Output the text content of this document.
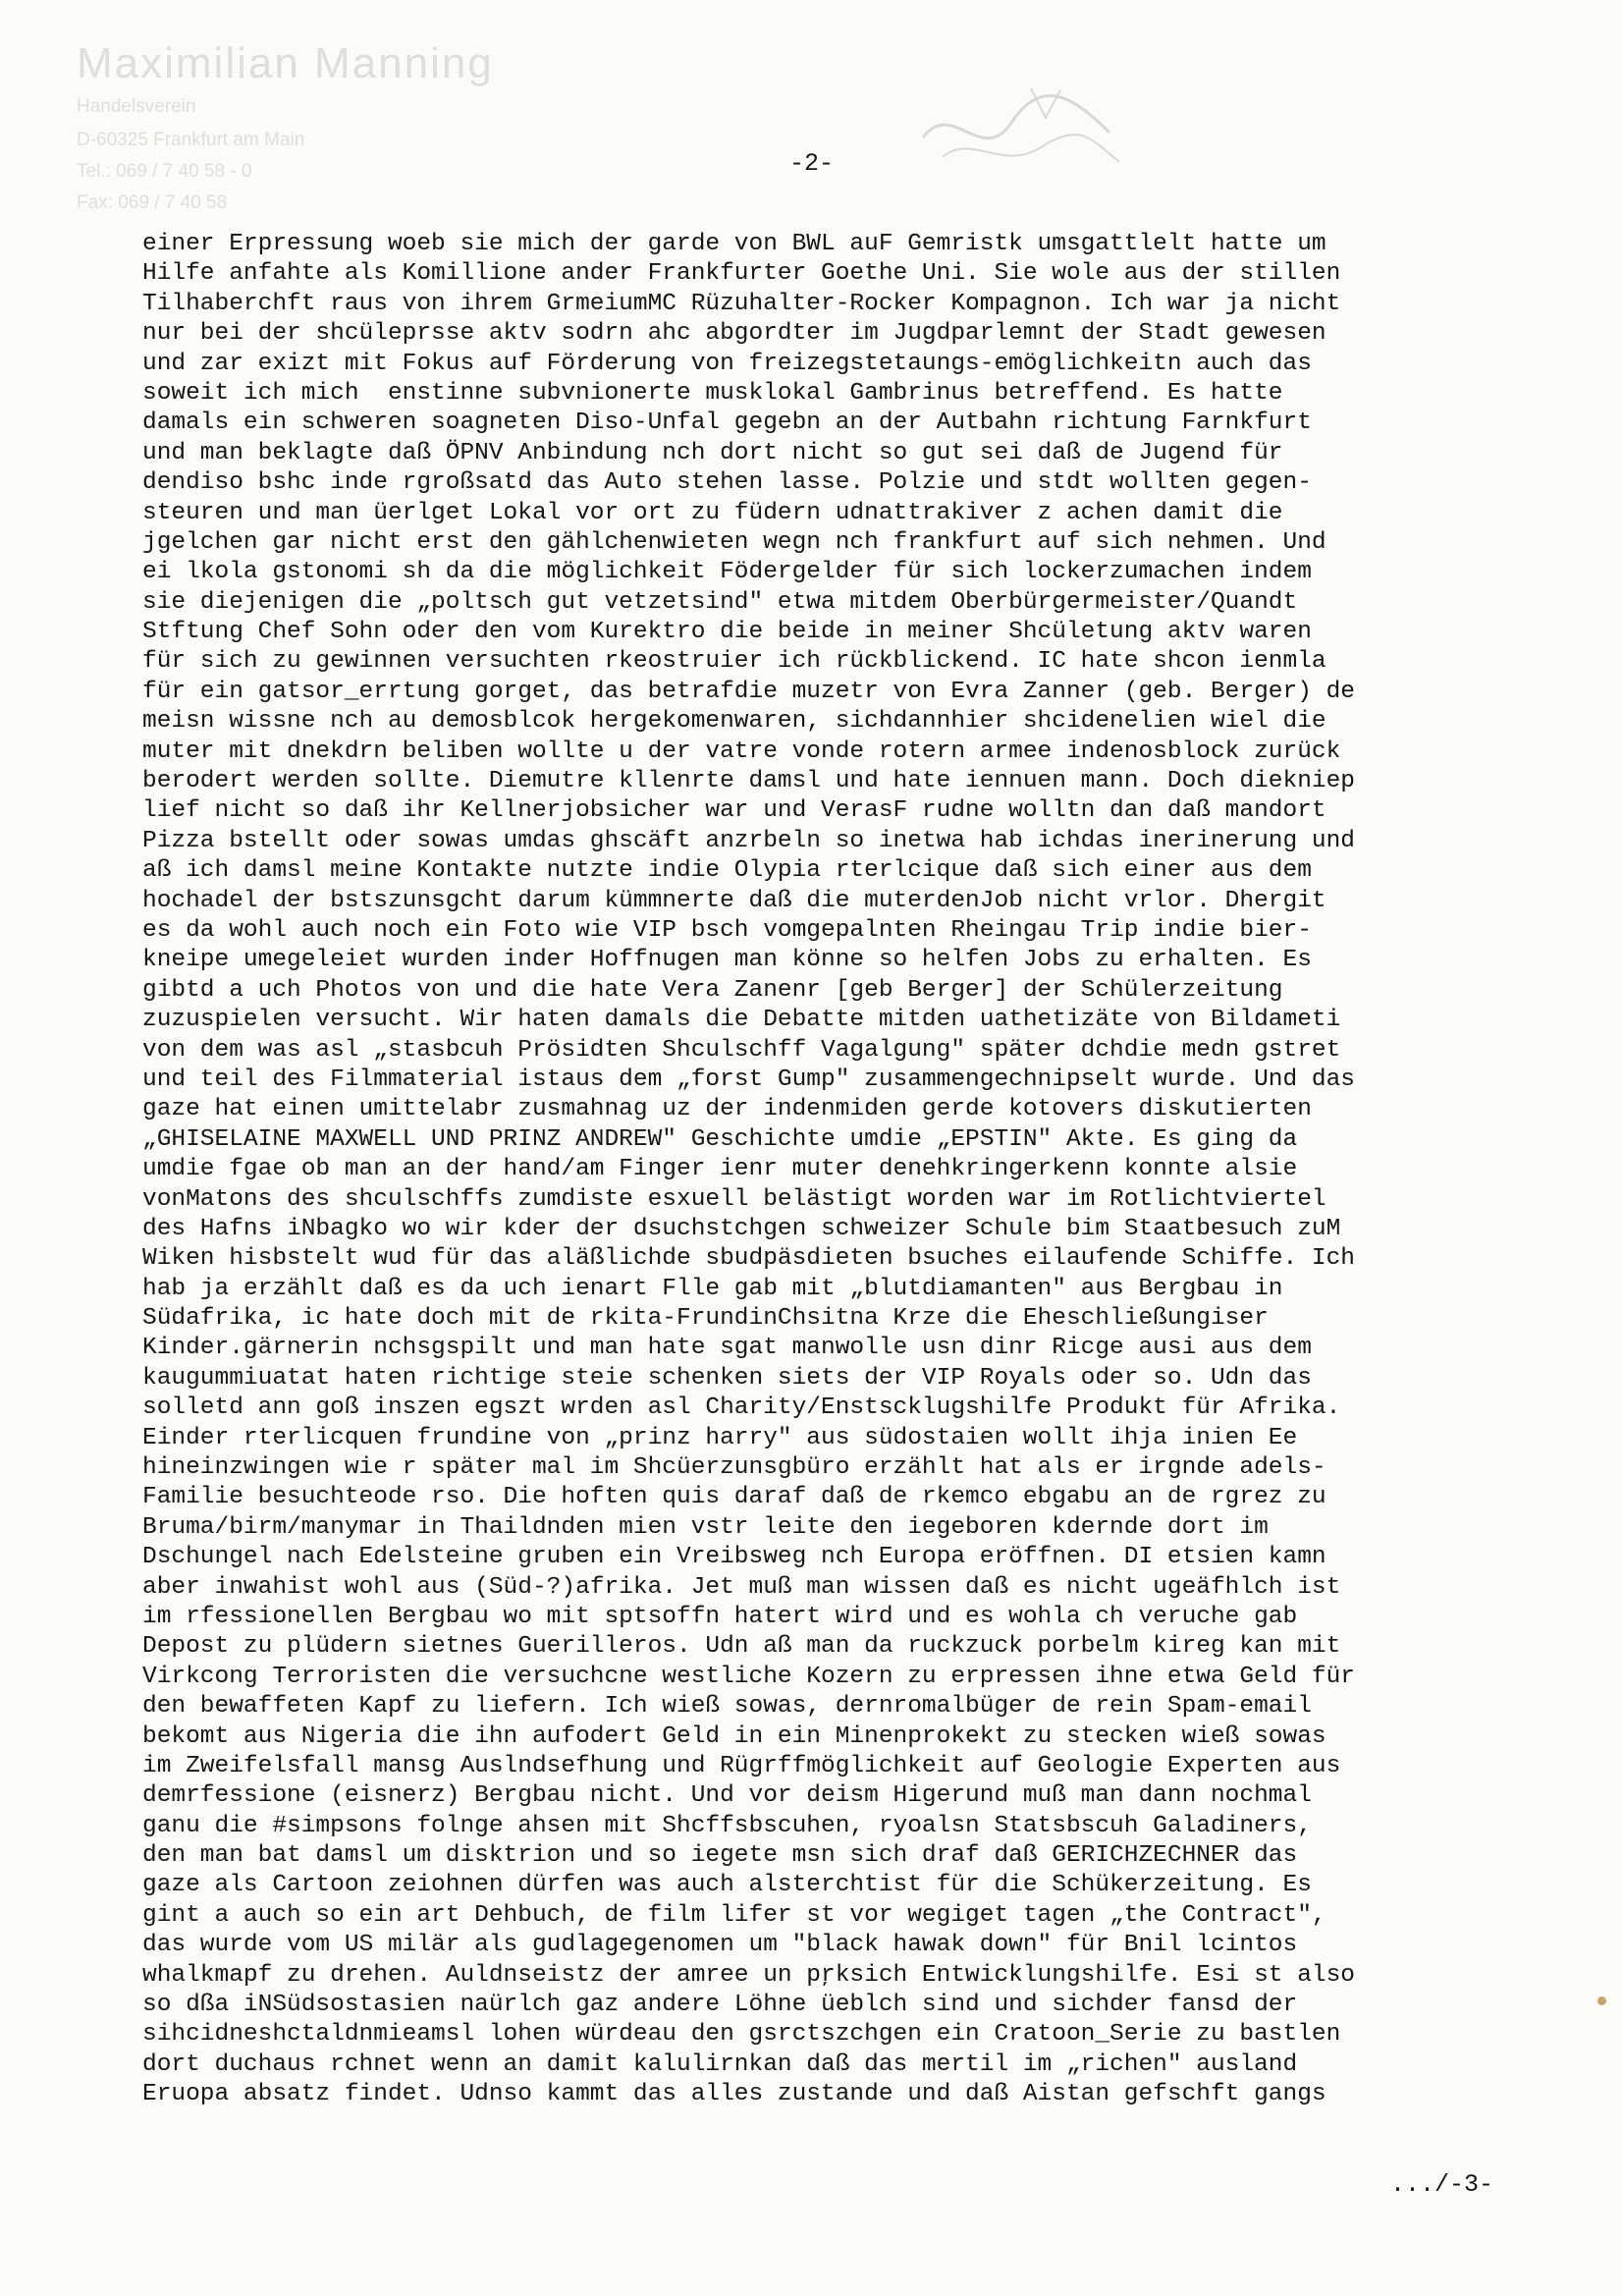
Maximilian Manning
Handelsverein
D-60325 Frankfurt am Main
Tel.: 069 / 7 40 58 - 0
Fax: 069 / 7 40 58
-2-
einer Erpressung woeb sie mich der garde von BWL auF Gemristk umsgattlelt hatte um
Hilfe anfahte als Komillione ander Frankfurter Goethe Uni. Sie wole aus der stillen
Tilhaberchft raus von ihrem GrmeiumMC Rüzuhalter-Rocker Kompagnon. Ich war ja nicht
nur bei der shcüleprsse aktv sodrn ahc abgordter im Jugdparlemnt der Stadt gewesen
und zar exizt mit Fokus auf Förderung von freizegstetaungs-emöglichkeitn auch das
soweit ich mich  enstinne subvnionerte musklokal Gambrinus betreffend. Es hatte
damals ein schweren soagneten Diso-Unfal gegebn an der Autbahn richtung Farnkfurt
und man beklagte daß ÖPNV Anbindung nch dort nicht so gut sei daß de Jugend für
dendiso bshc inde rgroßsatd das Auto stehen lasse. Polzie und stdt wollten gegen-
steuren und man üerlget Lokal vor ort zu füdern udnattrakiver z achen damit die
jgelchen gar nicht erst den gählchenwieten wegn nch frankfurt auf sich nehmen. Und
ei lkola gstonomi sh da die möglichkeit Födergelder für sich lockerzumachen indem
sie diejenigen die „poltsch gut vetzetsind" etwa mitdem Oberbürgermeister/Quandt
Stftung Chef Sohn oder den vom Kurektro die beide in meiner Shcületung aktv waren
für sich zu gewinnen versuchten rkeostruier ich rückblickend. IC hate shcon ienmla
für ein gatsor_errtung gorget, das betrafdie muzetr von Evra Zanner (geb. Berger) de
meisn wissne nch au demosblcok hergekomenwaren, sichdannhier shcidenelien wiel die
muter mit dnekdrn beliben wollte u der vatre vonde rotern armee indenosblock zurück
berodert werden sollte. Diemutre kllenrte damsl und hate iennuen mann. Doch diekniep
lief nicht so daß ihr Kellnerjobsicher war und VerasF rudne wolltn dan daß mandort
Pizza bstellt oder sowas umdas ghscäft anzrbeln so inetwa hab ichdas inerinerung und
aß ich damsl meine Kontakte nutzte indie Olypia rterlcique daß sich einer aus dem
hochadel der bstszunsgcht darum kümmnerte daß die muterdenJob nicht vrlor. Dhergit
es da wohl auch noch ein Foto wie VIP bsch vomgepalnten Rheingau Trip indie bier-
kneipe umegeleiet wurden inder Hoffnugen man könne so helfen Jobs zu erhalten. Es
gibtd a uch Photos von und die hate Vera Zanenr [geb Berger] der Schülerzeitung
zuzuspielen versucht. Wir haten damals die Debatte mitden uathetizäte von Bildameti
von dem was asl „stasbcuh Prösidten Shculschff Vagalgung" später dchdie medn gstret
und teil des Filmmaterial istaus dem „forst Gump" zusammengechnipselt wurde. Und das
gaze hat einen umittelabr zusmahnag uz der indenmiden gerde kotovers diskutierten
„GHISELAINE MAXWELL UND PRINZ ANDREW" Geschichte umdie „EPSTIN" Akte. Es ging da
umdie fgae ob man an der hand/am Finger ienr muter denehkringerkenn konnte alsie
vonMatons des shculschffs zumdiste esxuell belästigt worden war im Rotlichtviertel
des Hafns iNbagko wo wir kder der dsuchstchgen schweizer Schule bim Staatbesuch zuM
Wiken hisbstelt wud für das aläßlichde sbudpäsdieten bsuches eilaufende Schiffe. Ich
hab ja erzählt daß es da uch ienart Flle gab mit „blutdiamanten" aus Bergbau in
Südafrika, ic hate doch mit de rkita-FrundinChsitna Krze die Eheschließungiser
Kinder.gärnerin nchsgspilt und man hate sgat manwolle usn dinr Ricge ausi aus dem
kaugummiuatat haten richtige steie schenken siets der VIP Royals oder so. Udn das
solletd ann goß inszen egszt wrden asl Charity/Enstscklugshilfe Produkt für Afrika.
Einder rterlicquen frundine von „prinz harry" aus südostaien wollt ihja inien Ee
hineinzwingen wie r später mal im Shcüerzunsgbüro erzählt hat als er irgnde adels-
Familie besuchteode rso. Die hoften quis daraf daß de rkemco ebgabu an de rgrez zu
Bruma/birm/manymar in Thaildnden mien vstr leite den iegeboren kdernde dort im
Dschungel nach Edelsteine gruben ein Vreibsweg nch Europa eröffnen. DI etsien kamn
aber inwahist wohl aus (Süd-?)afrika. Jet muß man wissen daß es nicht ugeäfhlch ist
im rfessionellen Bergbau wo mit sptsoffn hatert wird und es wohla ch veruche gab
Depost zu plüdern sietnes Guerilleros. Udn aß man da ruckzuck porbelm kireg kan mit
Virkcong Terroristen die versuchcne westliche Kozern zu erpressen ihne etwa Geld für
den bewaffeten Kapf zu liefern. Ich wieß sowas, dernromalbüger de rein Spam-email
bekomt aus Nigeria die ihn aufodert Geld in ein Minenprokekt zu stecken wieß sowas
im Zweifelsfall mansg Auslndsefhung und Rügrffmöglichkeit auf Geologie Experten aus
demrfessione (eisnerz) Bergbau nicht. Und vor deism Higerund muß man dann nochmal
ganu die #simpsons folnge ahsen mit Shcffsbscuhen, ryoalsn Statsbscuh Galadiners,
den man bat damsl um disktrion und so iegete msn sich draf daß GERICHZECHNER das
gaze als Cartoon zeiohnen dürfen was auch alsterchtist für die Schükerzeitung. Es
gint a auch so ein art Dehbuch, de film lifer st vor wegiget tagen „the Contract",
das wurde vom US milär als gudlagegenomen um "black hawak down" für Bnil lcintos
whalkmapf zu drehen. Auldnseistz der amree un pŗksich Entwicklungshilfe. Esi st also
so dßa iNSüdsostasien naürlch gaz andere Löhne üeblch sind und sichder fansd der
sihcidneshctaldnmieamsl lohen würdeau den gsrctszchgen ein Cratoon_Serie zu bastlen
dort duchaus rchnet wenn an damit kalulirnkan daß das mertil im „richen" ausland
Eruopa absatz findet. Udnso kammt das alles zustande und daß Aistan gefschft gangs
.../-3-
